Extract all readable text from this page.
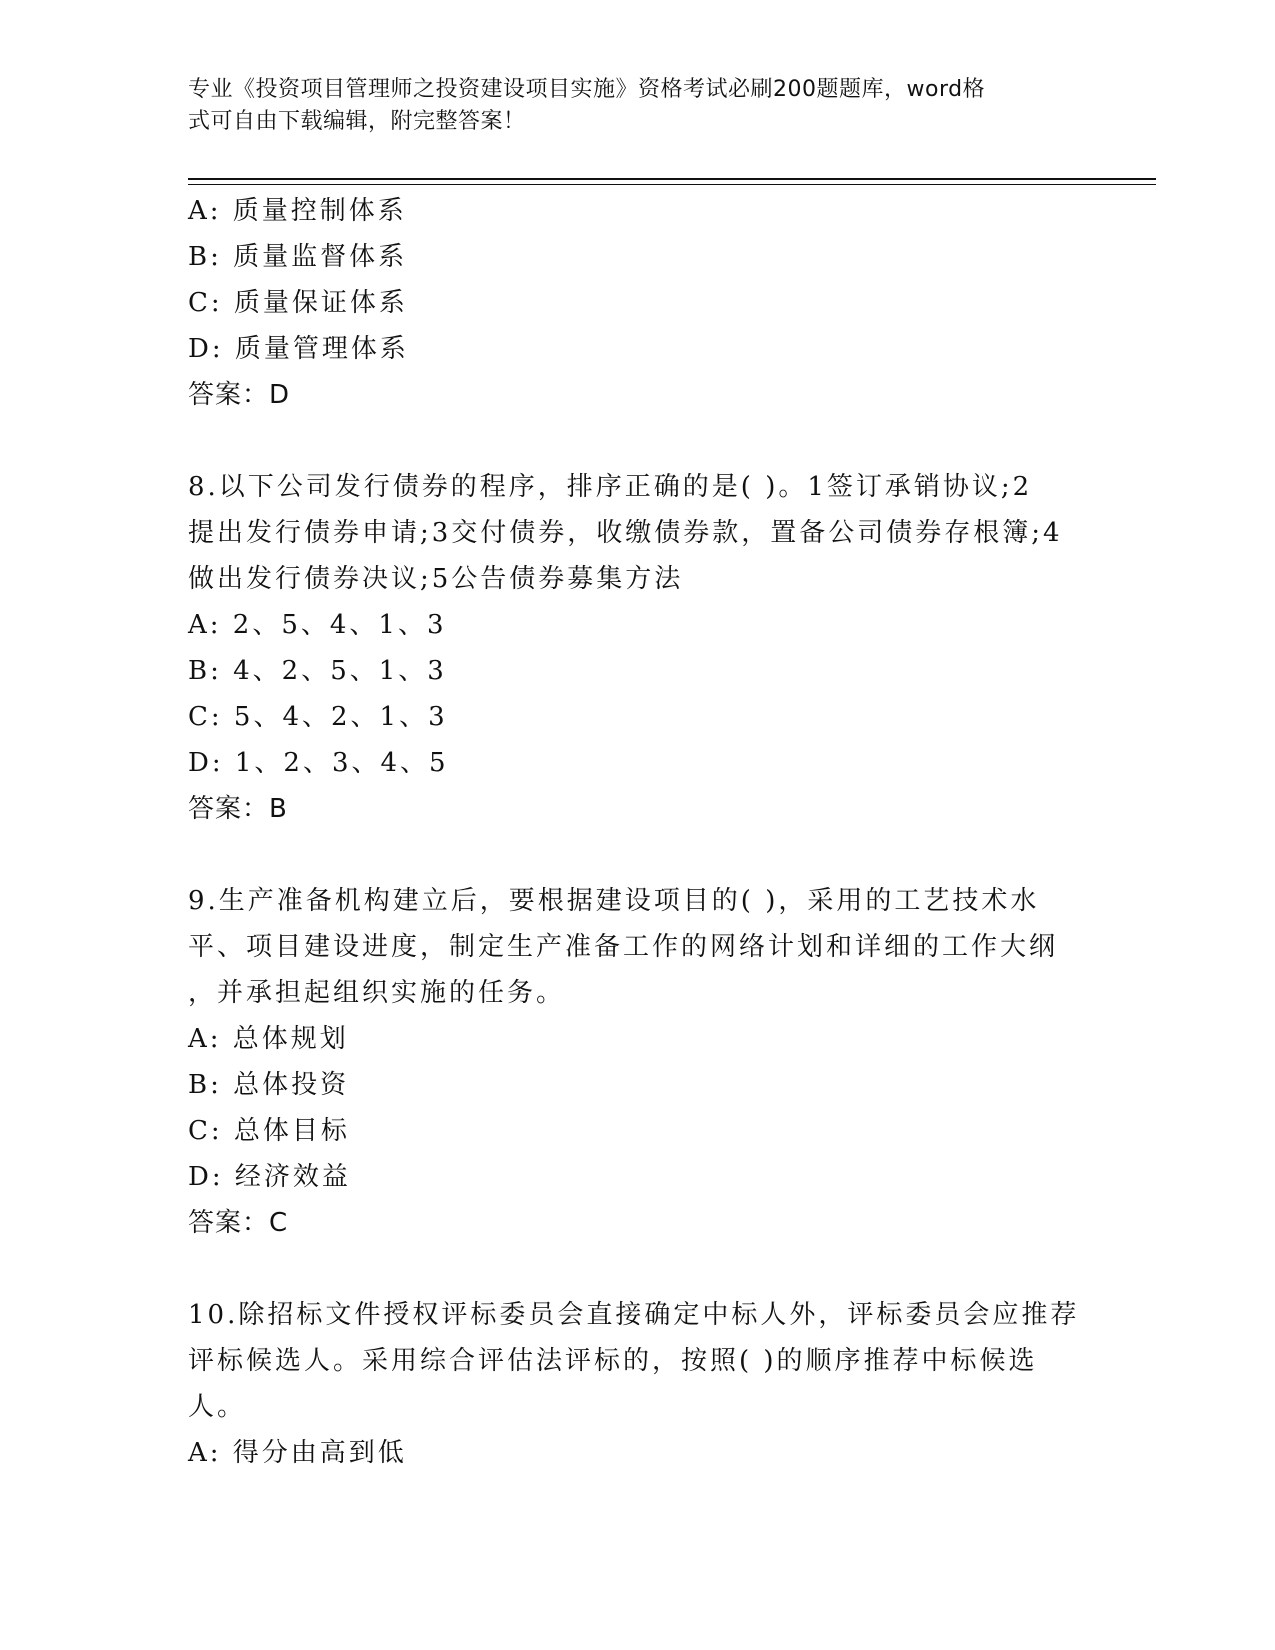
专业《投资项目管理师之投资建设项目实施》资格考试必刷200题题库，word格
式可自由下载编辑，附完整答案！
A: 质量控制体系
B: 质量监督体系
C: 质量保证体系
D: 质量管理体系
答案：D
8.以下公司发行债券的程序，排序正确的是( )。1签订承销协议;2
提出发行债券申请;3交付债券，收缴债券款，置备公司债券存根簿;4
做出发行债券决议;5公告债券募集方法
A: 2、5、4、1、3
B: 4、2、5、1、3
C: 5、4、2、1、3
D: 1、2、3、4、5
答案：B
9.生产准备机构建立后，要根据建设项目的( )，采用的工艺技术水
平、项目建设进度，制定生产准备工作的网络计划和详细的工作大纲
，并承担起组织实施的任务。
A: 总体规划
B: 总体投资
C: 总体目标
D: 经济效益
答案：C
10.除招标文件授权评标委员会直接确定中标人外，评标委员会应推荐
评标候选人。采用综合评估法评标的，按照( )的顺序推荐中标候选
人。
A: 得分由高到低
